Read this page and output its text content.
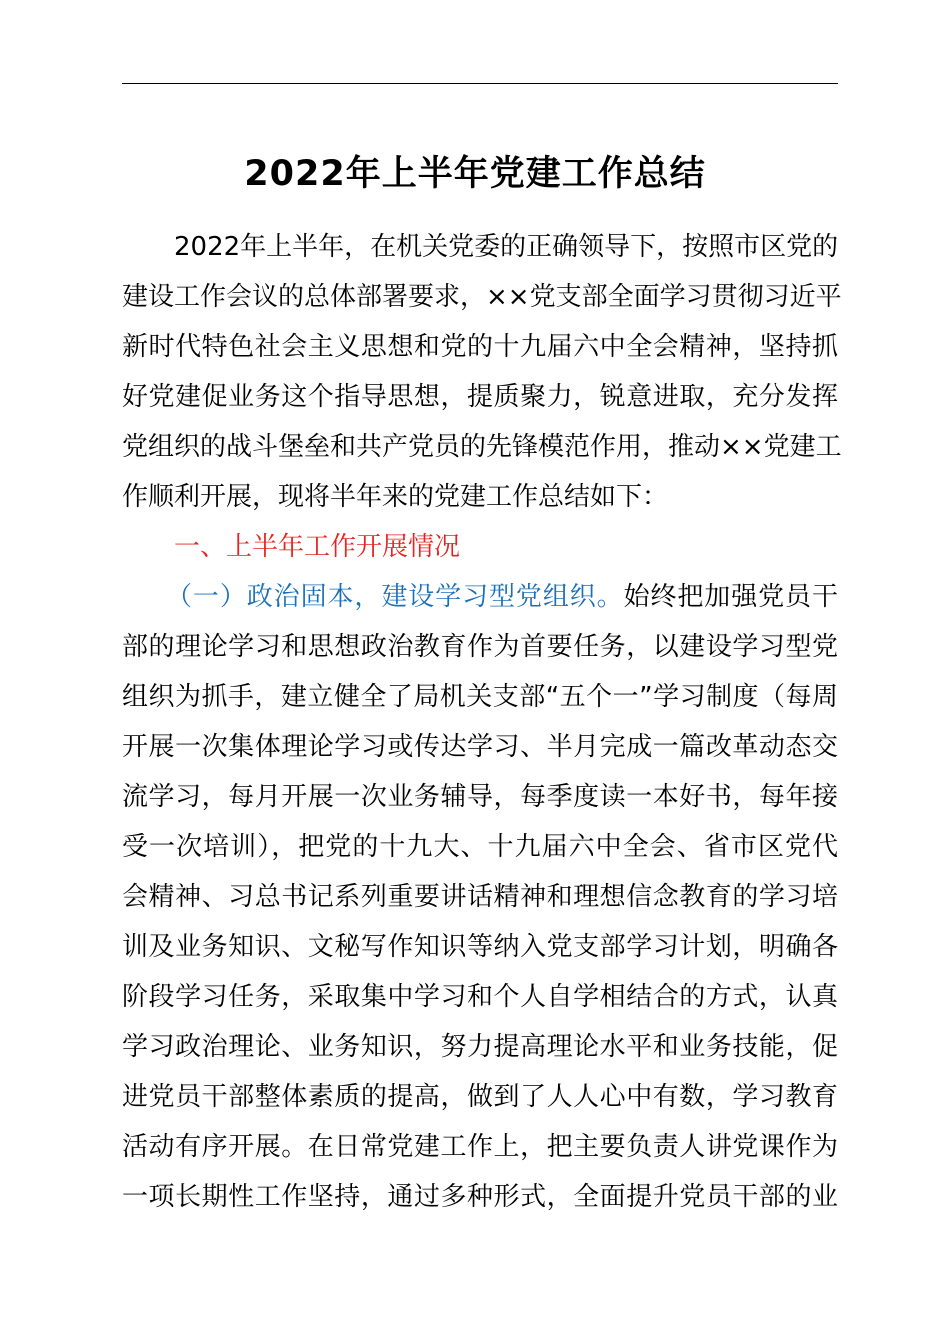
2022年上半年党建工作总结
2022年上半年，在机关党委的正确领导下，按照市区党的
建设工作会议的总体部署要求，××党支部全面学习贯彻习近平
新时代特色社会主义思想和党的十九届六中全会精神，坚持抓
好党建促业务这个指导思想，提质聚力，锐意进取，充分发挥
党组织的战斗堡垒和共产党员的先锋模范作用，推动××党建工
作顺利开展，现将半年来的党建工作总结如下：
一、上半年工作开展情况
（一）政治固本，建设学习型党组织。始终把加强党员干
部的理论学习和思想政治教育作为首要任务，以建设学习型党
组织为抓手，建立健全了局机关支部“五个一”学习制度（每周
开展一次集体理论学习或传达学习、半月完成一篇改革动态交
流学习，每月开展一次业务辅导，每季度读一本好书，每年接
受一次培训），把党的十九大、十九届六中全会、省市区党代
会精神、习总书记系列重要讲话精神和理想信念教育的学习培
训及业务知识、文秘写作知识等纳入党支部学习计划，明确各
阶段学习任务，采取集中学习和个人自学相结合的方式，认真
学习政治理论、业务知识，努力提高理论水平和业务技能，促
进党员干部整体素质的提高，做到了人人心中有数，学习教育
活动有序开展。在日常党建工作上，把主要负责人讲党课作为
一项长期性工作坚持，通过多种形式，全面提升党员干部的业
